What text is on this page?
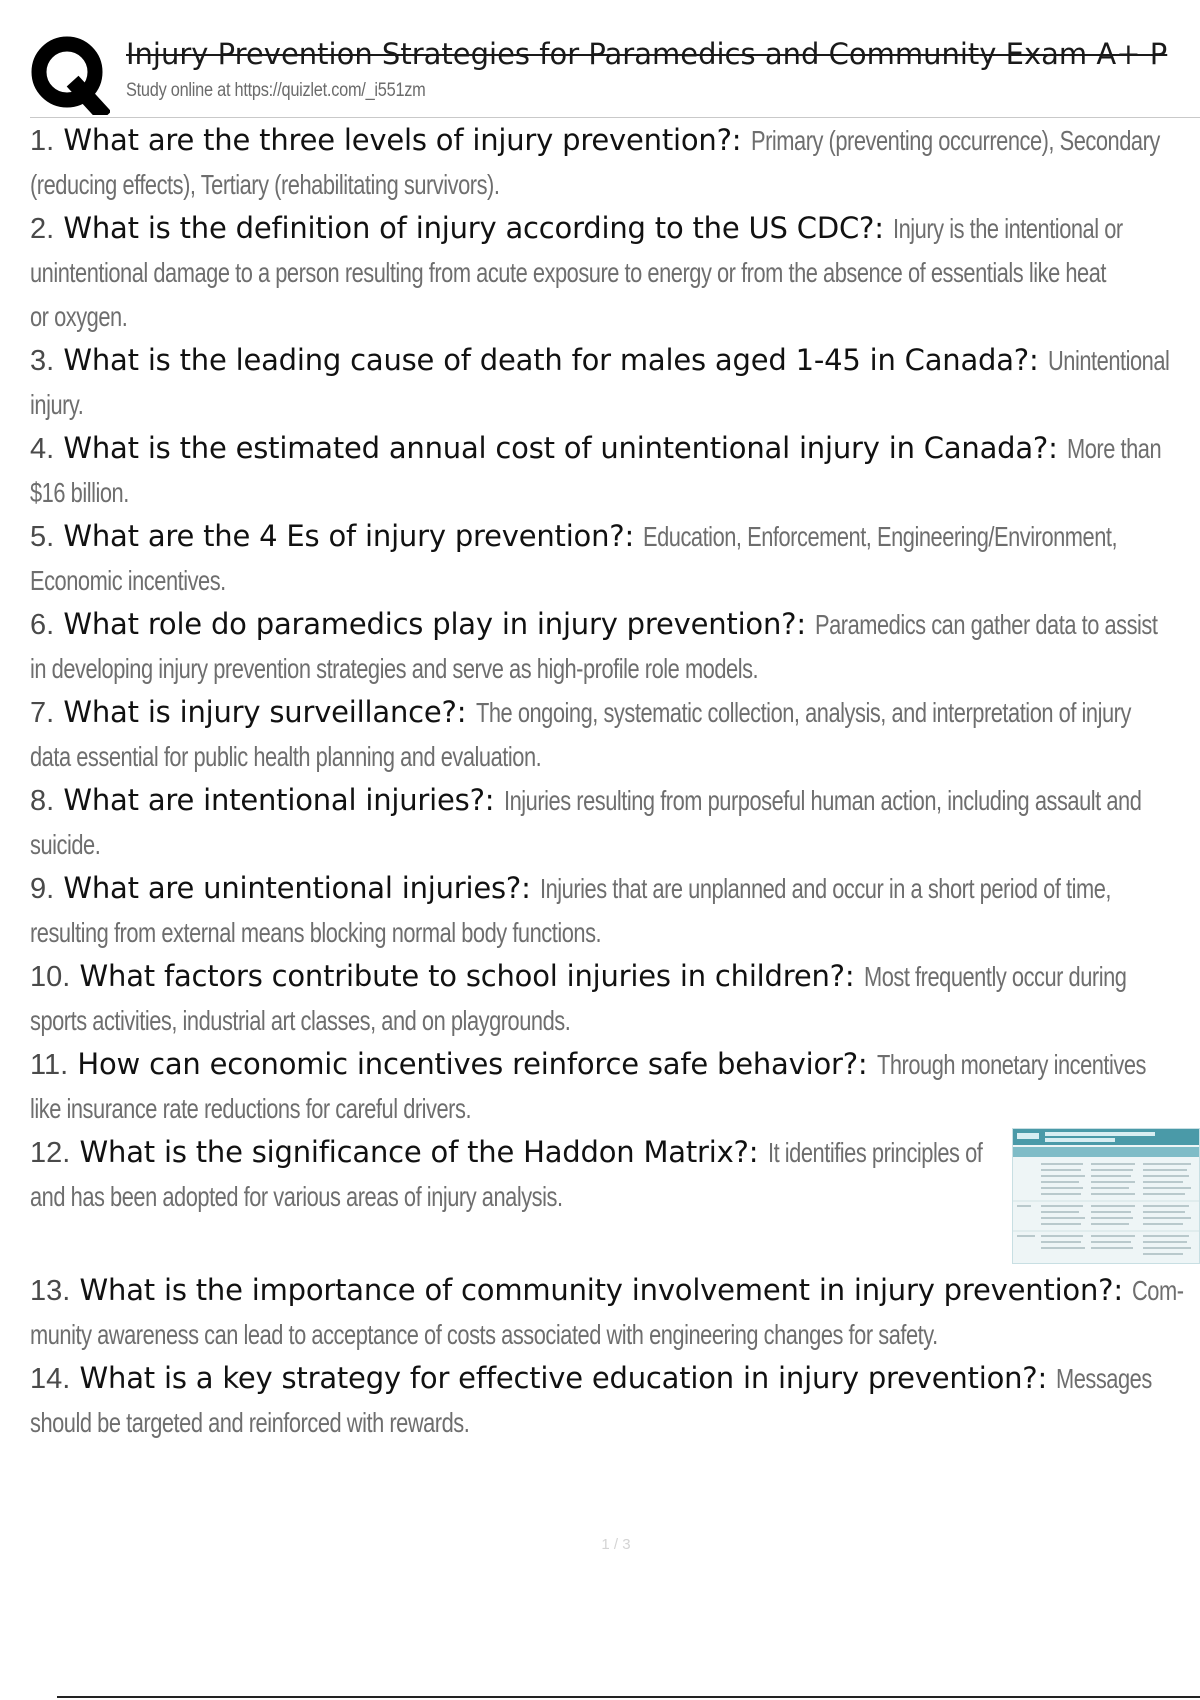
Injury Prevention Strategies for Paramedics and Community Exam A+ P
Study online at https://quizlet.com/_i551zm
1. What are the three levels of injury prevention?: Primary (preventing occurrence), Secondary
(reducing effects), Tertiary (rehabilitating survivors).
2. What is the definition of injury according to the US CDC?: Injury is the intentional or
unintentional damage to a person resulting from acute exposure to energy or from the absence of essentials like heat
or oxygen.
3. What is the leading cause of death for males aged 1-45 in Canada?: Unintentional
injury.
4. What is the estimated annual cost of unintentional injury in Canada?: More than
$16 billion.
5. What are the 4 Es of injury prevention?: Education, Enforcement, Engineering/Environment,
Economic incentives.
6. What role do paramedics play in injury prevention?: Paramedics can gather data to assist
in developing injury prevention strategies and serve as high-profile role models.
7. What is injury surveillance?: The ongoing, systematic collection, analysis, and interpretation of injury
data essential for public health planning and evaluation.
8. What are intentional injuries?: Injuries resulting from purposeful human action, including assault and
suicide.
9. What are unintentional injuries?: Injuries that are unplanned and occur in a short period of time,
resulting from external means blocking normal body functions.
10. What factors contribute to school injuries in children?: Most frequently occur during
sports activities, industrial art classes, and on playgrounds.
11. How can economic incentives reinforce safe behavior?: Through monetary incentives
like insurance rate reductions for careful drivers.
12. What is the significance of the Haddon Matrix?: It identifies principles of
and has been adopted for various areas of injury analysis.
13. What is the importance of community involvement in injury prevention?: Com-
munity awareness can lead to acceptance of costs associated with engineering changes for safety.
14. What is a key strategy for effective education in injury prevention?: Messages
should be targeted and reinforced with rewards.
1 / 3
